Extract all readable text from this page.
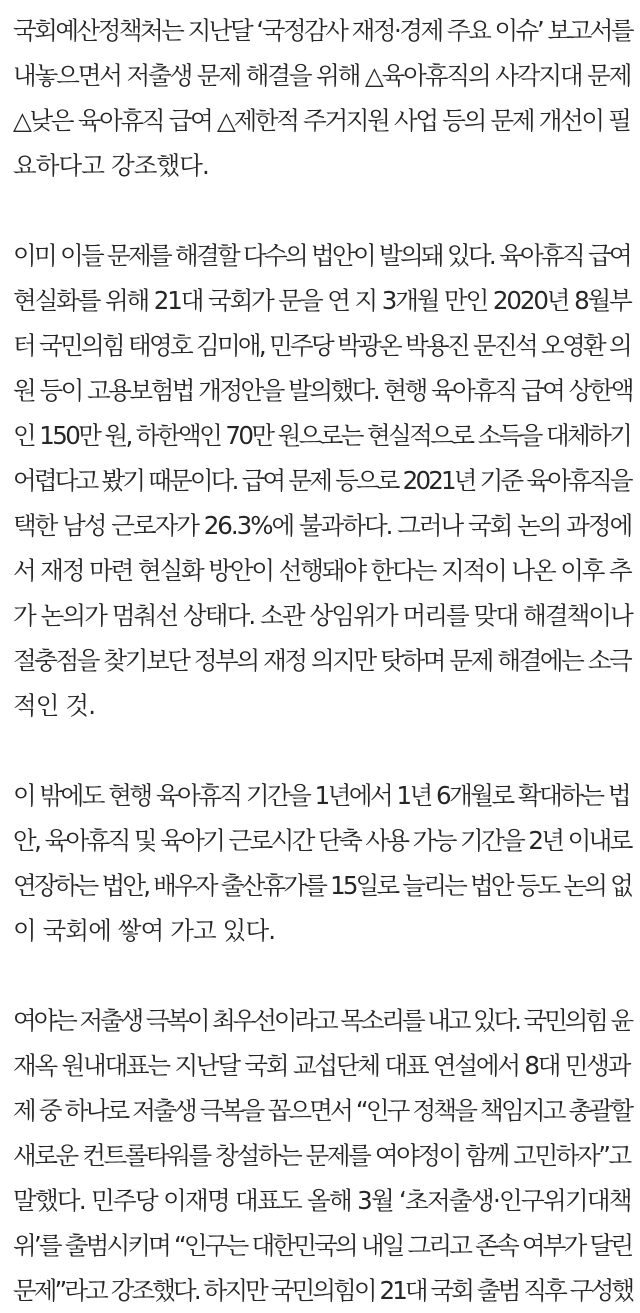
국회예산정책처는 지난달 ‘국정감사 재정·경제 주요 이슈’ 보고서를
내놓으면서 저출생 문제 해결을 위해 △육아휴직의 사각지대 문제
△낮은 육아휴직 급여 △제한적 주거지원 사업 등의 문제 개선이 필
요하다고 강조했다.

이미 이들 문제를 해결할 다수의 법안이 발의돼 있다. 육아휴직 급여
현실화를 위해 21대 국회가 문을 연 지 3개월 만인 2020년 8월부
터 국민의힘 태영호 김미애, 민주당 박광온 박용진 문진석 오영환 의
원 등이 고용보험법 개정안을 발의했다. 현행 육아휴직 급여 상한액
인 150만 원, 하한액인 70만 원으로는 현실적으로 소득을 대체하기
어렵다고 봤기 때문이다. 급여 문제 등으로 2021년 기준 육아휴직을
택한 남성 근로자가 26.3%에 불과하다. 그러나 국회 논의 과정에
서 재정 마련 현실화 방안이 선행돼야 한다는 지적이 나온 이후 추
가 논의가 멈춰선 상태다. 소관 상임위가 머리를 맞대 해결책이나
절충점을 찾기보단 정부의 재정 의지만 탓하며 문제 해결에는 소극
적인 것.

이 밖에도 현행 육아휴직 기간을 1년에서 1년 6개월로 확대하는 법
안, 육아휴직 및 육아기 근로시간 단축 사용 가능 기간을 2년 이내로
연장하는 법안, 배우자 출산휴가를 15일로 늘리는 법안 등도 논의 없
이 국회에 쌓여 가고 있다.

여야는 저출생 극복이 최우선이라고 목소리를 내고 있다. 국민의힘 윤
재옥 원내대표는 지난달 국회 교섭단체 대표 연설에서 8대 민생과
제 중 하나로 저출생 극복을 꼽으면서 “인구 정책을 책임지고 총괄할
새로운 컨트롤타워를 창설하는 문제를 여야정이 함께 고민하자”고
말했다. 민주당 이재명 대표도 올해 3월 ‘초저출생·인구위기대책
위’를 출범시키며 “인구는 대한민국의 내일 그리고 존속 여부가 달린
문제”라고 강조했다. 하지만 국민의힘이 21대 국회 출범 직후 구성했
